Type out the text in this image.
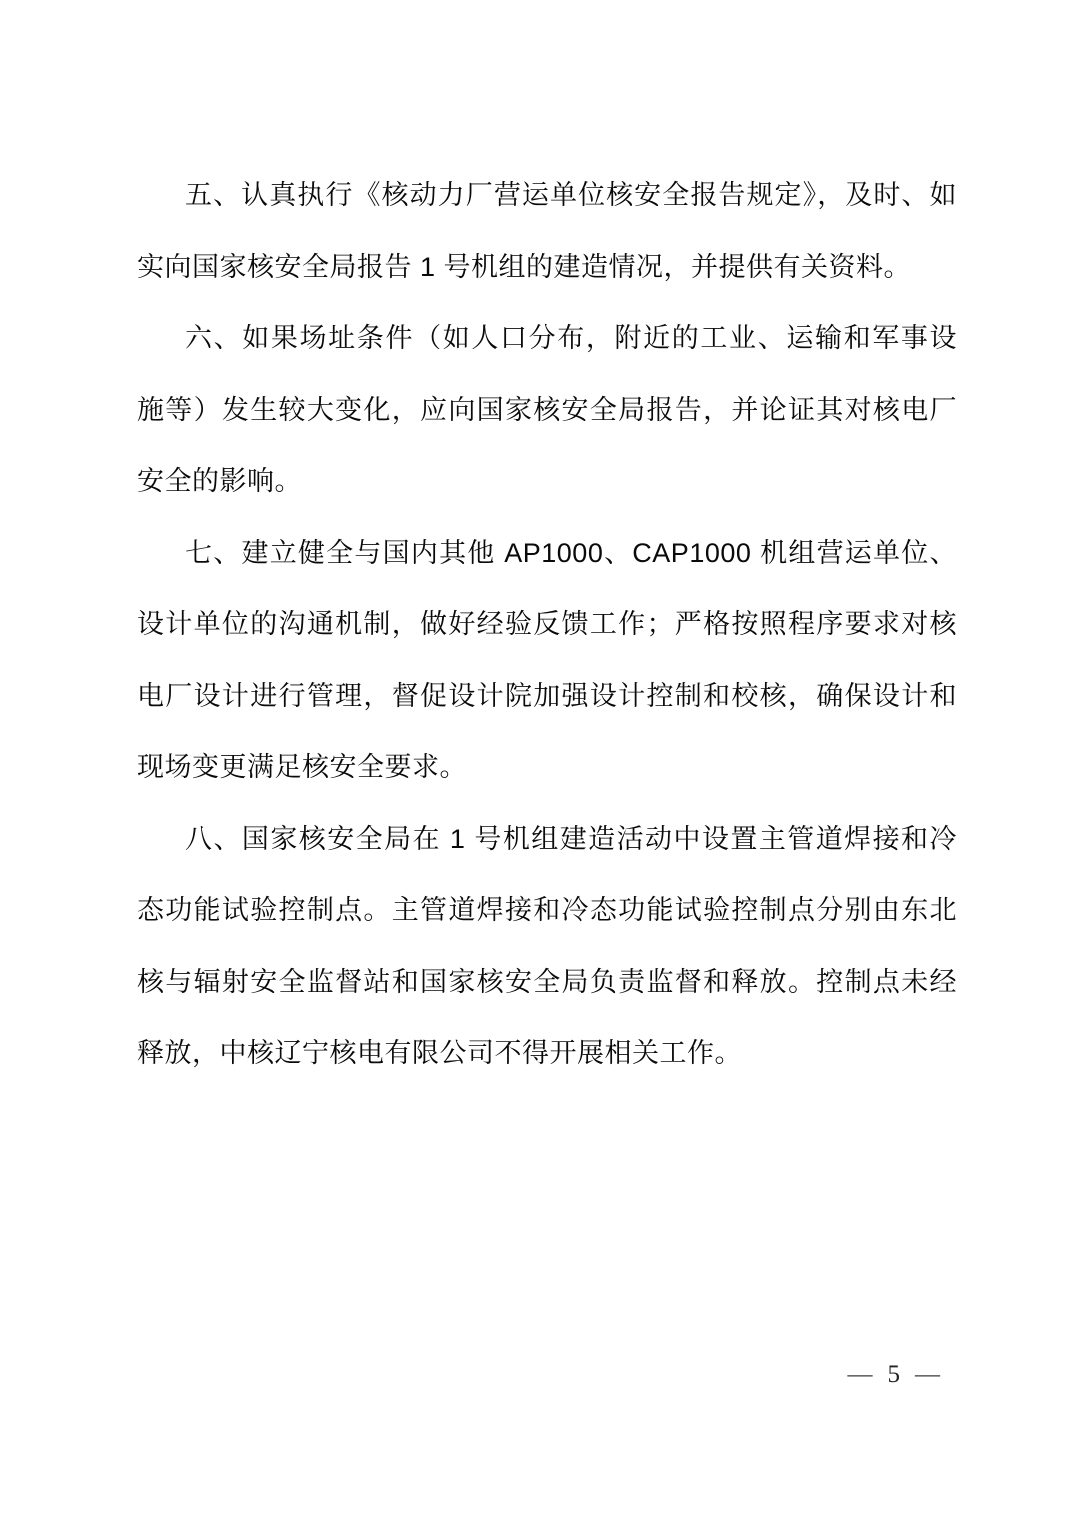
五、认真执行《核动力厂营运单位核安全报告规定》，及时、如
实向国家核安全局报告 1 号机组的建造情况，并提供有关资料。
六、如果场址条件（如人口分布，附近的工业、运输和军事设
施等）发生较大变化，应向国家核安全局报告，并论证其对核电厂
安全的影响。
七、建立健全与国内其他 AP1000、CAP1000 机组营运单位、
设计单位的沟通机制，做好经验反馈工作；严格按照程序要求对核
电厂设计进行管理，督促设计院加强设计控制和校核，确保设计和
现场变更满足核安全要求。
八、国家核安全局在 1 号机组建造活动中设置主管道焊接和冷
态功能试验控制点。主管道焊接和冷态功能试验控制点分别由东北
核与辐射安全监督站和国家核安全局负责监督和释放。控制点未经
释放，中核辽宁核电有限公司不得开展相关工作。
— 5 —
